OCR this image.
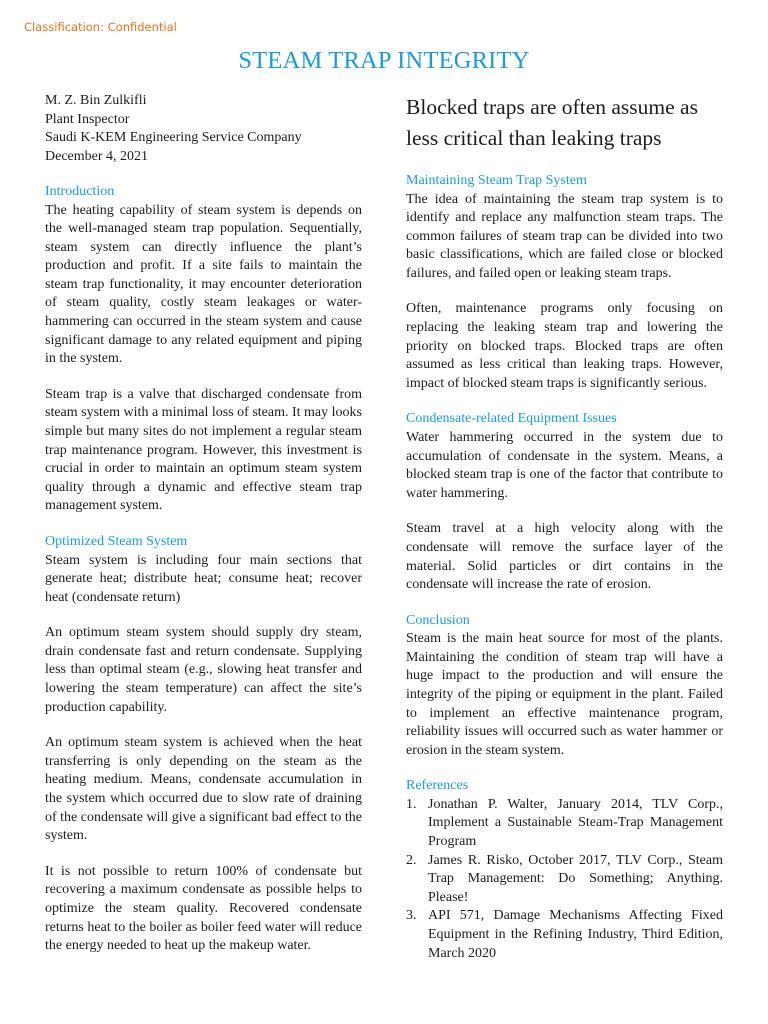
Classification: Confidential
STEAM TRAP INTEGRITY

M. Z. Bin Zulkifli

Plant Inspector

Saudi K-KEM Engineering Service Company

December 4, 2021

Introduction

The heating capability of steam system is depends on the well-managed steam trap population. Sequentially, steam system can directly influence the plant’s production and profit. If a site fails to maintain the steam trap functionality, it may encounter deterioration of steam quality, costly steam leakages or water-hammering can occurred in the steam system and cause significant damage to any related equipment and piping in the system.

Steam trap is a valve that discharged condensate from steam system with a minimal loss of steam. It may looks simple but many sites do not implement a regular steam trap maintenance program. However, this investment is crucial in order to maintain an optimum steam system quality through a dynamic and effective steam trap management system.

Optimized Steam System

Steam system is including four main sections that generate heat; distribute heat; consume heat; recover heat (condensate return)

An optimum steam system should supply dry steam, drain condensate fast and return condensate. Supplying less than optimal steam (e.g., slowing heat transfer and lowering the steam temperature) can affect the site’s production capability.

An optimum steam system is achieved when the heat transferring is only depending on the steam as the heating medium. Means, condensate accumulation in the system which occurred due to slow rate of draining of the condensate will give a significant bad effect to the system.

It is not possible to return 100% of condensate but recovering a maximum condensate as possible helps to optimize the steam quality. Recovered condensate returns heat to the boiler as boiler feed water will reduce the energy needed to heat up the makeup water.

Blocked traps are often assume as less critical than leaking traps

Maintaining Steam Trap System

The idea of maintaining the steam trap system is to identify and replace any malfunction steam traps. The common failures of steam trap can be divided into two basic classifications, which are failed close or blocked failures, and failed open or leaking steam traps.

Often, maintenance programs only focusing on replacing the leaking steam trap and lowering the priority on blocked traps. Blocked traps are often assumed as less critical than leaking traps. However, impact of blocked steam traps is significantly serious.

Condensate-related Equipment Issues

Water hammering occurred in the system due to accumulation of condensate in the system. Means, a blocked steam trap is one of the factor that contribute to water hammering.

Steam travel at a high velocity along with the condensate will remove the surface layer of the material. Solid particles or dirt contains in the condensate will increase the rate of erosion.

Conclusion

Steam is the main heat source for most of the plants. Maintaining the condition of steam trap will have a huge impact to the production and will ensure the integrity of the piping or equipment in the plant. Failed to implement an effective maintenance program, reliability issues will occurred such as water hammer or erosion in the steam system.

References

1. Jonathan P. Walter, January 2014, TLV Corp., Implement a Sustainable Steam-Trap Management Program
2. James R. Risko, October 2017, TLV Corp., Steam Trap Management: Do Something; Anything. Please!
3. API 571, Damage Mechanisms Affecting Fixed Equipment in the Refining Industry, Third Edition, March 2020
